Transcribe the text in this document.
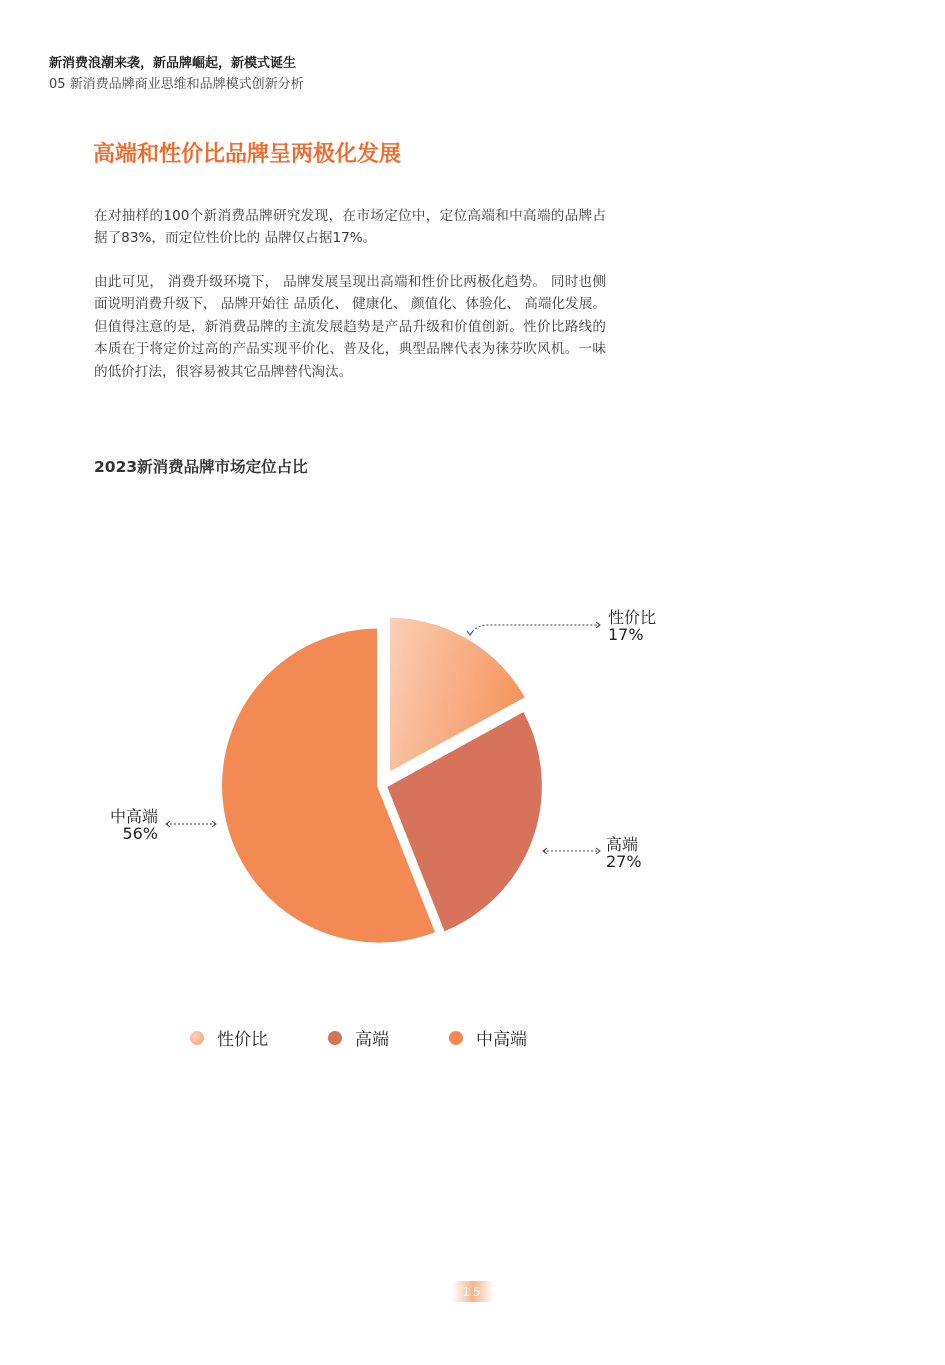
新消费浪潮来袭，新品牌崛起，新模式诞生
05 新消费品牌商业思维和品牌模式创新分析
高端和性价比品牌呈两极化发展
在对抽样的100个新消费品牌研究发现，在市场定位中，定位高端和中高端的品牌占据了83%，而定位性价比的 品牌仅占据17%。
由此可见， 消费升级环境下， 品牌发展呈现出高端和性价比两极化趋势。 同时也侧面说明消费升级下， 品牌开始往 品质化、 健康化、 颜值化、体验化、 高端化发展。但值得注意的是，新消费品牌的主流发展趋势是产品升级和价值创新。性价比路线的本质在于将定价过高的产品实现平价化、普及化，典型品牌代表为徕芬吹风机。一味的低价打法，很容易被其它品牌替代淘汰。
2023新消费品牌市场定位占比
性价比
17%
高端
27%
中高端
56%
性价比	高端	中高端
15
